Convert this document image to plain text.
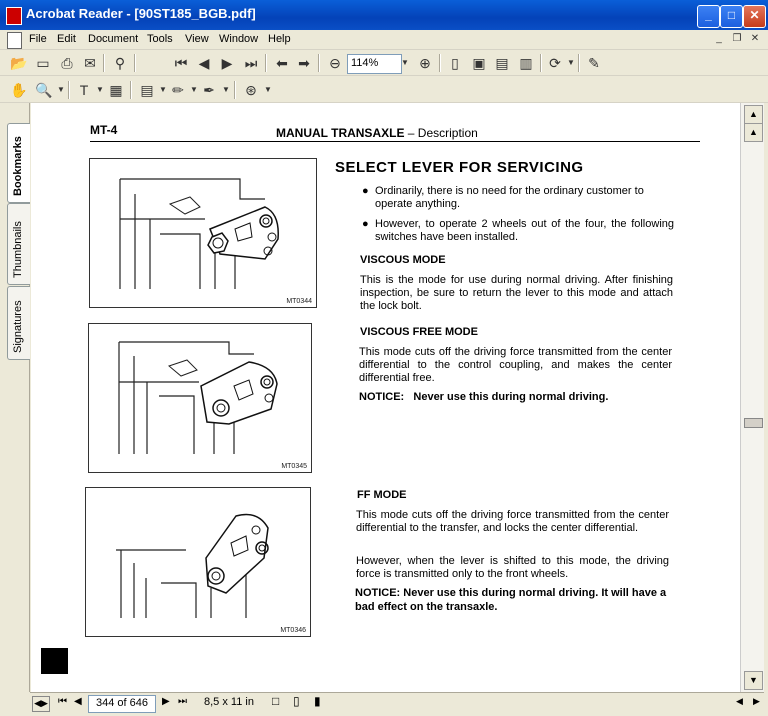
Acrobat Reader - [90ST185_BGB.pdf]	_	□	✕
File Edit Document Tools View Window Help	_	❐ ✕
📂 ▭ ⎙ ✉	⚲	⏮ ◀ ▶ ⏭ ⬅ ➡ ⊖ 114%	▼ ⊕	▯ ▣ ▤ ▥ ⟳ ▼ ✎
✋ 🔍 ▼	T ▼ ▦ ▤ ▼ ✏ ▼ ✒ ▼ ⊛ ▼
Bookmarks
Thumbnails
Signatures
MT-4	MANUAL TRANSAXLE – Description
MT0344
MT0345
MT0346
SELECT LEVER FOR SERVICING
● Ordinarily, there is no need for the ordinary customer to operate anything.
● However, to operate 2 wheels out of the four, the following switches have been installed.
VISCOUS MODE
This is the mode for use during normal driving. After finishing inspection, be sure to return the lever to this mode and attach the lock bolt.
VISCOUS FREE MODE
This mode cuts off the driving force transmitted from the center differential to the control coupling, and makes the center differential free.
NOTICE:   Never use this during normal driving.
FF MODE
This mode cuts off the driving force transmitted from the center differential to the transfer, and locks the center differential.
However, when the lever is shifted to this mode, the driving force is transmitted only to the front wheels.
NOTICE: Never use this during normal driving. It will have a bad effect on the transaxle.
▲
▲
▼
◀▶ ⏮ ◀	344 of 646	▶ ⏭ 8,5 x 11 in □ ▯ ▮	◀ ▶
